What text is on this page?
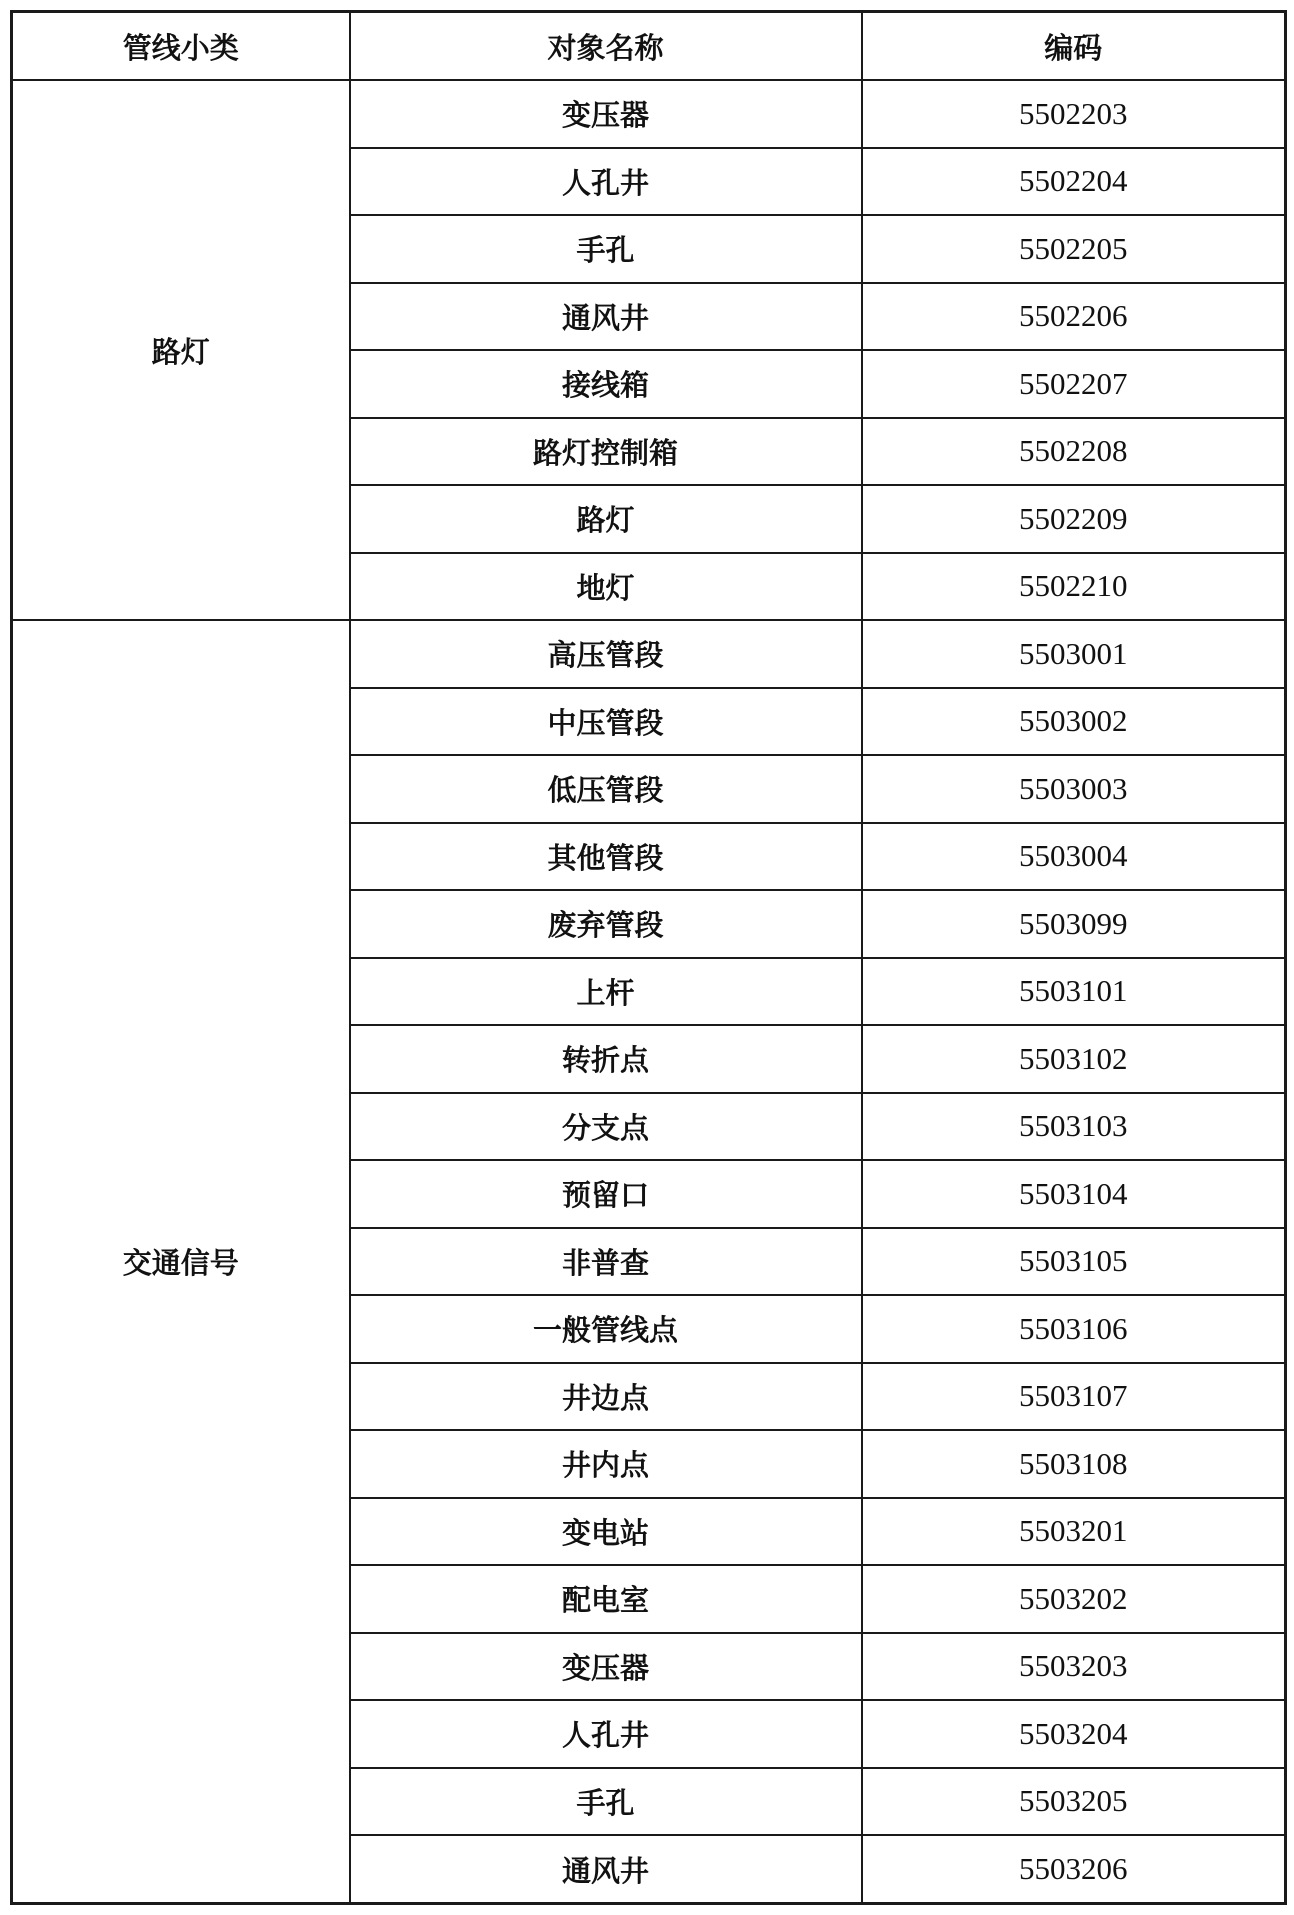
管线小类	对象名称	编码
路灯	变压器	5502203
	人孔井	5502204
	手孔	5502205
	通风井	5502206
	接线箱	5502207
	路灯控制箱	5502208
	路灯	5502209
	地灯	5502210
交通信号	高压管段	5503001
	中压管段	5503002
	低压管段	5503003
	其他管段	5503004
	废弃管段	5503099
	上杆	5503101
	转折点	5503102
	分支点	5503103
	预留口	5503104
	非普查	5503105
	一般管线点	5503106
	井边点	5503107
	井内点	5503108
	变电站	5503201
	配电室	5503202
	变压器	5503203
	人孔井	5503204
	手孔	5503205
	通风井	5503206
